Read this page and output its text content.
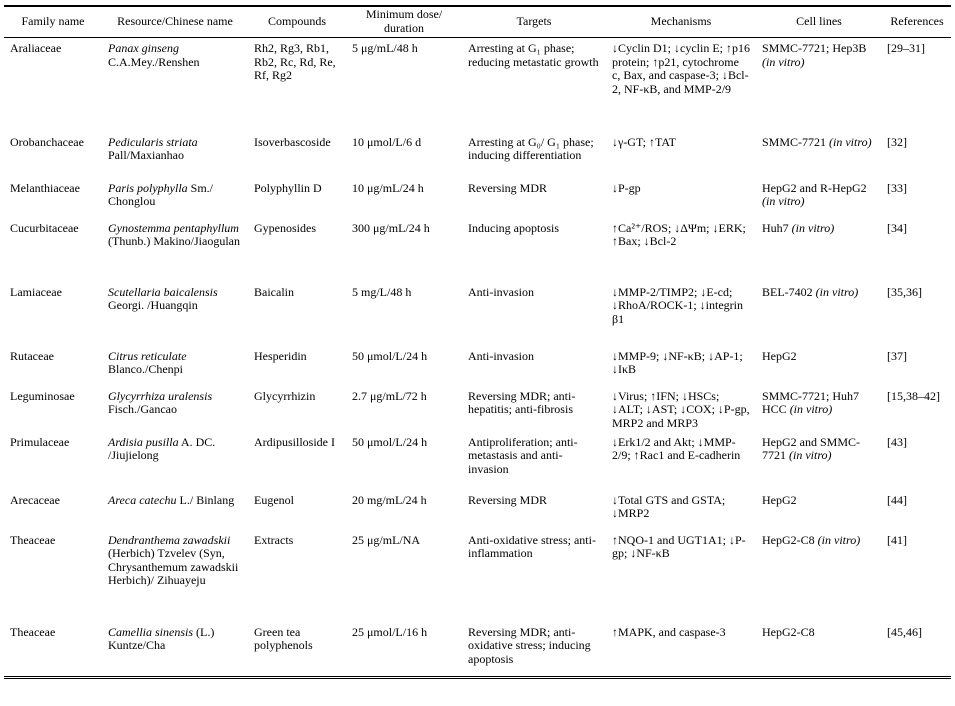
Family name	Resource/Chinese name	Compounds	Minimum dose/ duration	Targets	Mechanisms	Cell lines	References
Araliaceae	Panax ginseng C.A.Mey./Renshen	Rh2, Rg3, Rb1, Rb2, Rc, Rd, Re, Rf, Rg2	5 μg/mL/48 h	Arresting at G₁ phase; reducing metastatic growth	↓Cyclin D1; ↓cyclin E; ↑p16 protein; ↑p21, cytochrome c, Bax, and caspase-3; ↓Bcl-2, NF-κB, and MMP-2/9	SMMC-7721; Hep3B (in vitro)	[29–31]
Orobanchaceae	Pedicularis striata Pall/Maxianhao	Isoverbascoside	10 μmol/L/6 d	Arresting at G₀/ G₁ phase; inducing differentiation	↓γ-GT; ↑TAT	SMMC-7721 (in vitro)	[32]
Melanthiaceae	Paris polyphylla Sm./ Chonglou	Polyphyllin D	10 μg/mL/24 h	Reversing MDR	↓P-gp	HepG2 and R-HepG2 (in vitro)	[33]
Cucurbitaceae	Gynostemma pentaphyllum (Thunb.) Makino/Jiaogulan	Gypenosides	300 μg/mL/24 h	Inducing apoptosis	↑Ca²⁺/ROS; ↓ΔΨm; ↓ERK; ↑Bax; ↓Bcl-2	Huh7 (in vitro)	[34]
Lamiaceae	Scutellaria baicalensis Georgi. /Huangqin	Baicalin	5 mg/L/48 h	Anti-invasion	↓MMP-2/TIMP2; ↓E-cd; ↓RhoA/ROCK-1; ↓integrin β1	BEL-7402 (in vitro)	[35,36]
Rutaceae	Citrus reticulate Blanco./Chenpi	Hesperidin	50 μmol/L/24 h	Anti-invasion	↓MMP-9; ↓NF-κB; ↓AP-1; ↓IκB	HepG2	[37]
Leguminosae	Glycyrrhiza uralensis Fisch./Gancao	Glycyrrhizin	2.7 μg/mL/72 h	Reversing MDR; anti-hepatitis; anti-fibrosis	↓Virus; ↑IFN; ↓HSCs; ↓ALT; ↓AST; ↓COX; ↓P-gp, MRP2 and MRP3	SMMC-7721; Huh7 HCC (in vitro)	[15,38–42]
Primulaceae	Ardisia pusilla A. DC. /Jiujielong	Ardipusilloside I	50 μmol/L/24 h	Antiproliferation; anti-metastasis and anti-invasion	↓Erk1/2 and Akt; ↓MMP-2/9; ↑Rac1 and E-cadherin	HepG2 and SMMC-7721 (in vitro)	[43]
Arecaceae	Areca catechu L./ Binlang	Eugenol	20 mg/mL/24 h	Reversing MDR	↓Total GTS and GSTA; ↓MRP2	HepG2	[44]
Theaceae	Dendranthema zawadskii (Herbich) Tzvelev (Syn, Chrysanthemum zawadskii Herbich)/ Zihuayeju	Extracts	25 μg/mL/NA	Anti-oxidative stress; anti-inflammation	↑NQO-1 and UGT1A1; ↓P-gp; ↓NF-κB	HepG2-C8 (in vitro)	[41]
Theaceae	Camellia sinensis (L.) Kuntze/Cha	Green tea polyphenols	25 μmol/L/16 h	Reversing MDR; anti-oxidative stress; inducing apoptosis	↑MAPK, and caspase-3	HepG2-C8	[45,46]
